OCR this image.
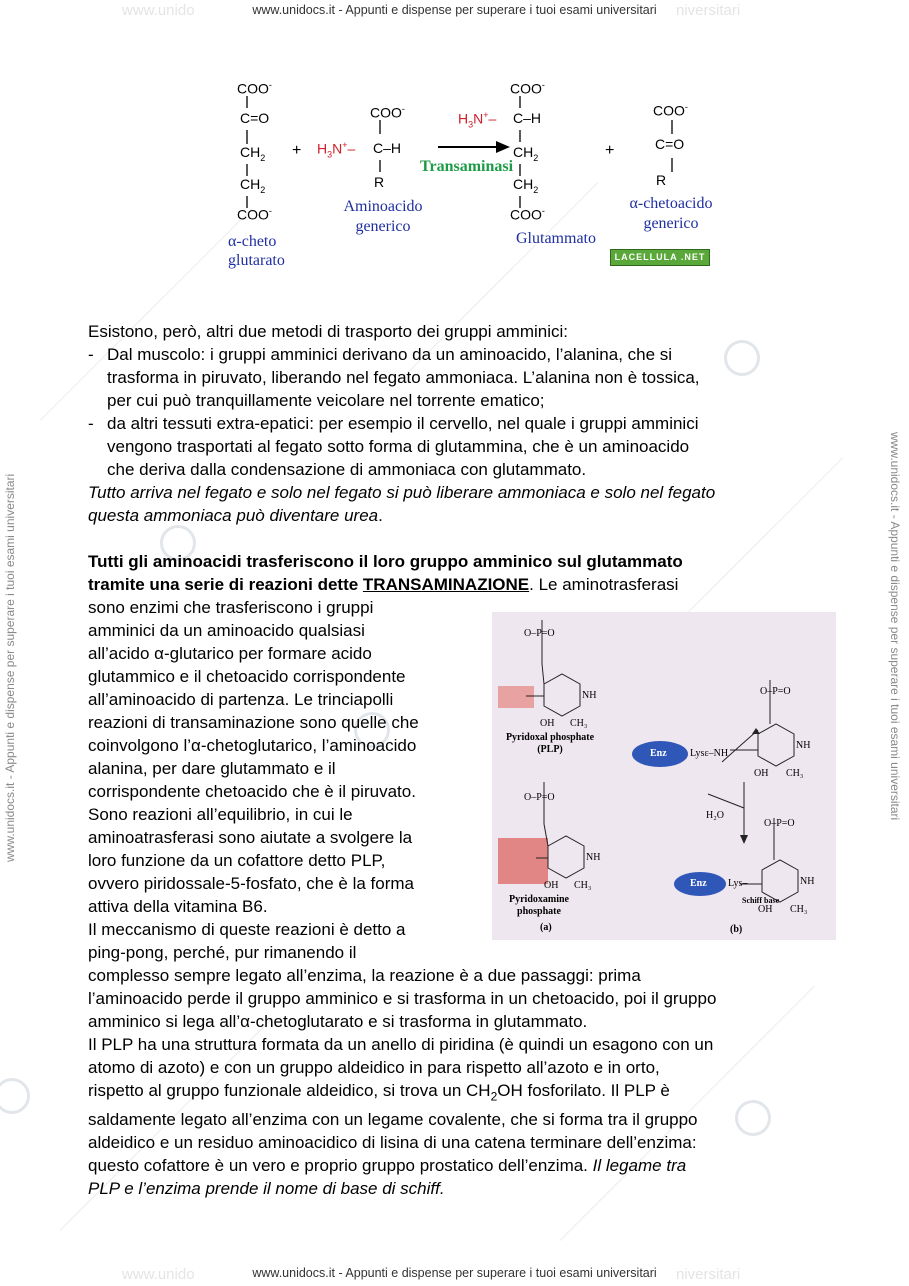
www.unido	niversitari
www.unido	niversitari
www.unidocs.it - Appunti e dispense per superare i tuoi esami universitari
www.unidocs.it - Appunti e dispense per superare i tuoi esami universitari
www.unidocs.it - Appunti e dispense per superare i tuoi esami universitari	www.unidocs.it - Appunti e dispense per superare i tuoi esami universitari
COO-
C=O
$CH_2$
$CH_2$
COO-
α-cheto
glutarato
+
COO-
$H_3N^+-$ C–H
R
Aminoacido
generico
Transaminasi
COO-
$H_3N^+-$ C–H
$CH_2$
$CH_2$
COO-
Glutammato
+
COO-
C=O
R
α-chetoacido
generico
LACELLULA .NET
O–P=O
O–P=O
O–P=O
O–P=O
OH CH₃
NH
OH CH₃
NH
OH CH₃
NH
OH CH₃
NH
Pyridoxal phosphate
(PLP)
Pyridoxamine
phosphate
Enz Lysε–NH
Enz Lys–
Schiff base
H₂O
(a)	(b)

Esistono, però, altri due metodi di trasporto dei gruppi amminici:

- Dal muscolo: i gruppi amminici derivano da un aminoacido, l’alanina, che si

trasforma in piruvato, liberando nel fegato ammoniaca. L’alanina non è tossica,

per cui può tranquillamente veicolare nel torrente ematico;

- da altri tessuti extra-epatici: per esempio il cervello, nel quale i gruppi amminici

vengono trasportati al fegato sotto forma di glutammina, che è un aminoacido

che deriva dalla condensazione di ammoniaca con glutammato.

Tutto arriva nel fegato e solo nel fegato si può liberare ammoniaca e solo nel fegato

questa ammoniaca può diventare urea.

Tutti gli aminoacidi trasferiscono il loro gruppo amminico sul glutammato

tramite una serie di reazioni dette TRANSAMINAZIONE. Le aminotrasferasi

sono enzimi che trasferiscono i gruppi

amminici da un aminoacido qualsiasi

all’acido α-glutarico per formare acido

glutammico e il chetoacido corrispondente

all’aminoacido di partenza. Le trinciapolli

reazioni di transaminazione sono quelle che

coinvolgono l’α-chetoglutarico, l’aminoacido

alanina, per dare glutammato e il

corrispondente chetoacido che è il piruvato.

Sono reazioni all’equilibrio, in cui le

aminoatrasferasi sono aiutate a svolgere la

loro funzione da un cofattore detto PLP,

ovvero piridossale-5-fosfato, che è la forma

attiva della vitamina B6.

Il meccanismo di queste reazioni è detto a

ping-pong, perché, pur rimanendo il

complesso sempre legato all’enzima, la reazione è a due passaggi: prima

l’aminoacido perde il gruppo amminico e si trasforma in un chetoacido, poi il gruppo

amminico si lega all’α-chetoglutarato e si trasforma in glutammato.

Il PLP ha una struttura formata da un anello di piridina (è quindi un esagono con un

atomo di azoto) e con un gruppo aldeidico in para rispetto all’azoto e in orto,

rispetto al gruppo funzionale aldeidico, si trova un $CH_2OH$ fosforilato. Il PLP è

saldamente legato all’enzima con un legame covalente, che si forma tra il gruppo

aldeidico e un residuo aminoacidico di lisina di una catena terminare dell’enzima:

questo cofattore è un vero e proprio gruppo prostatico dell’enzima. Il legame tra

PLP e l’enzima prende il nome di base di schiff.
